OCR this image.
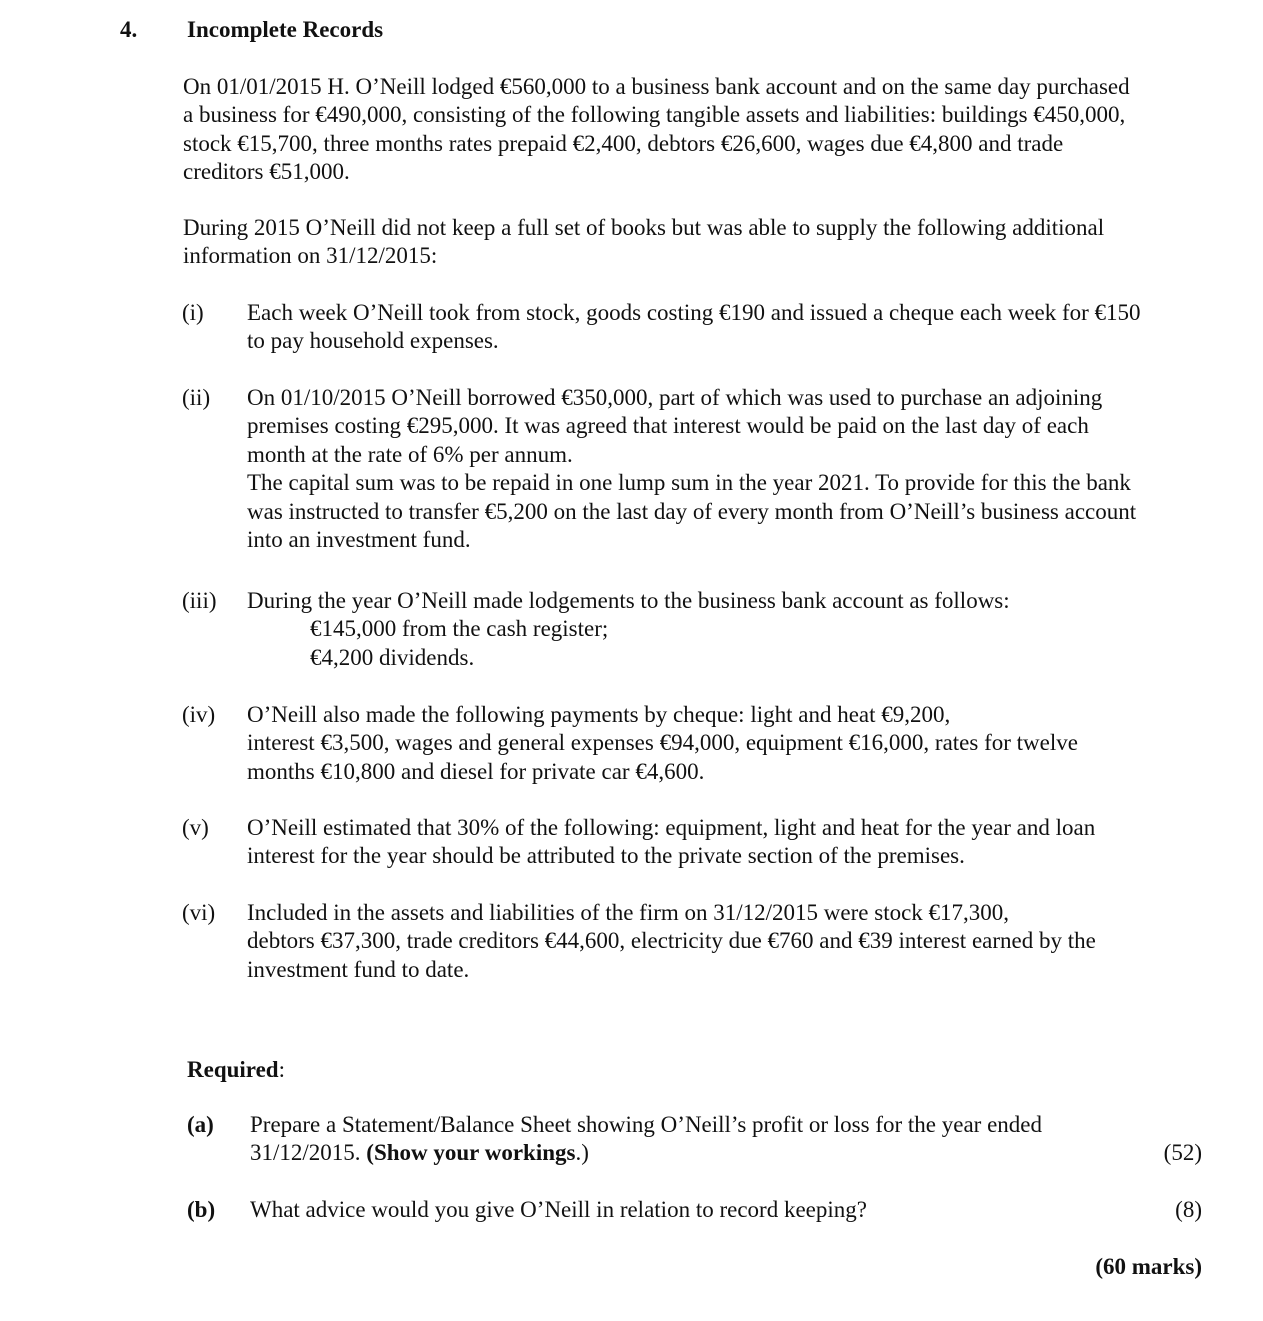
4. Incomplete Records
On 01/01/2015 H. O’Neill lodged €560,000 to a business bank account and on the same day purchased
a business for €490,000, consisting of the following tangible assets and liabilities: buildings €450,000,
stock €15,700, three months rates prepaid €2,400, debtors €26,600, wages due €4,800 and trade
creditors €51,000.
During 2015 O’Neill did not keep a full set of books but was able to supply the following additional
information on 31/12/2015:
(i) Each week O’Neill took from stock, goods costing €190 and issued a cheque each week for €150
to pay household expenses.
(ii) On 01/10/2015 O’Neill borrowed €350,000, part of which was used to purchase an adjoining
premises costing €295,000. It was agreed that interest would be paid on the last day of each
month at the rate of 6% per annum.
The capital sum was to be repaid in one lump sum in the year 2021. To provide for this the bank
was instructed to transfer €5,200 on the last day of every month from O’Neill’s business account
into an investment fund.
(iii) During the year O’Neill made lodgements to the business bank account as follows:
€145,000 from the cash register;
€4,200 dividends.
(iv) O’Neill also made the following payments by cheque: light and heat €9,200,
interest €3,500, wages and general expenses €94,000, equipment €16,000, rates for twelve
months €10,800 and diesel for private car €4,600.
(v) O’Neill estimated that 30% of the following: equipment, light and heat for the year and loan
interest for the year should be attributed to the private section of the premises.
(vi) Included in the assets and liabilities of the firm on 31/12/2015 were stock €17,300,
debtors €37,300, trade creditors €44,600, electricity due €760 and €39 interest earned by the
investment fund to date.
Required:
(a) Prepare a Statement/Balance Sheet showing O’Neill’s profit or loss for the year ended
31/12/2015. (Show your workings.)	(52)
(b) What advice would you give O’Neill in relation to record keeping?	(8)
(60 marks)
